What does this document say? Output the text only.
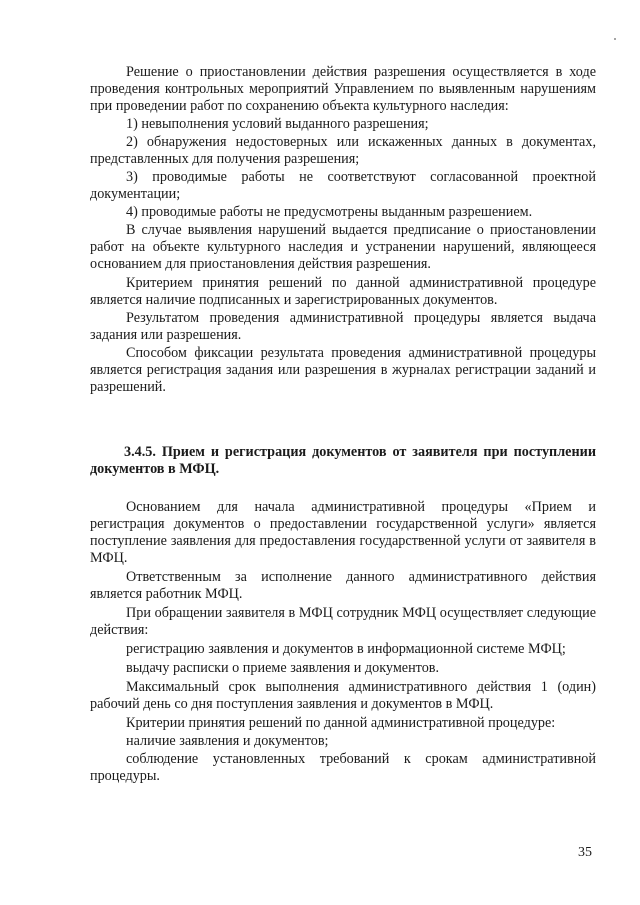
Решение о приостановлении действия разрешения осуществляется в ходе проведения контрольных мероприятий Управлением по выявленным нарушениям при проведении работ по сохранению объекта культурного наследия:

1) невыполнения условий выданного разрешения;

2) обнаружения недостоверных или искаженных данных в документах, представленных для получения разрешения;

3) проводимые работы не соответствуют согласованной проектной документации;

4) проводимые работы не предусмотрены выданным разрешением.

В случае выявления нарушений выдается предписание о приостановлении работ на объекте культурного наследия и устранении нарушений, являющееся основанием для приостановления действия разрешения.

Критерием принятия решений по данной административной процедуре является наличие подписанных и зарегистрированных документов.

Результатом проведения административной процедуры является выдача задания или разрешения.

Способом фиксации результата проведения административной процедуры является регистрация задания или разрешения в журналах регистрации заданий и разрешений.

3.4.5. Прием и регистрация документов от заявителя при поступлении документов в МФЦ.

Основанием для начала административной процедуры «Прием и регистрация документов о предоставлении государственной услуги» является поступление заявления для предоставления государственной услуги от заявителя в МФЦ.

Ответственным за исполнение данного административного действия является работник МФЦ.

При обращении заявителя в МФЦ сотрудник МФЦ осуществляет следующие действия:

регистрацию заявления и документов в информационной системе МФЦ;

выдачу расписки о приеме заявления и документов.

Максимальный срок выполнения административного действия 1 (один) рабочий день со дня поступления заявления и документов в МФЦ.

Критерии принятия решений по данной административной процедуре:

наличие заявления и документов;

соблюдение установленных требований к срокам административной процедуры.

35
